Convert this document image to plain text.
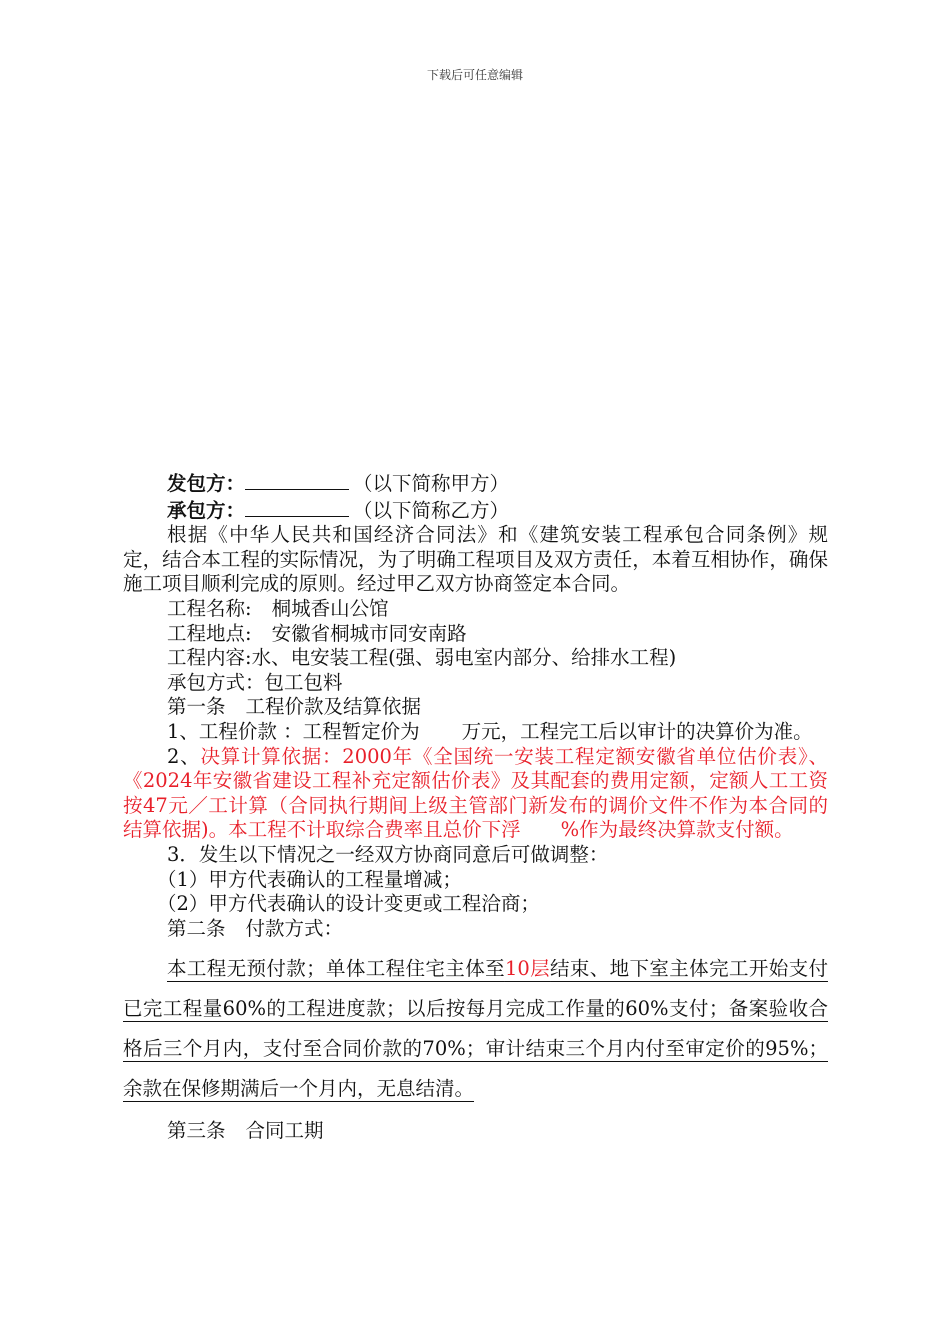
下载后可任意编辑

发包方：	（以下简称甲方）

承包方：	（以下简称乙方）

根据《中华人民共和国经济合同法》和《建筑安装工程承包合同条例》规定，结合本工程的实际情况，为了明确工程项目及双方责任，本着互相协作，确保施工项目顺利完成的原则。经过甲乙双方协商签定本合同。

工程名称: 桐城香山公馆

工程地点: 安徽省桐城市同安南路

工程内容:水、电安装工程(强、弱电室内部分、给排水工程)

承包方式：包工包料

第一条 工程价款及结算依据

1、工程价款 ：工程暂定价为 万元，工程完工后以审计的决算价为准。

2、决算计算依据：2000年《全国统一安装工程定额安徽省单位估价表》、《2024年安徽省建设工程补充定额估价表》及其配套的费用定额，定额人工工资按47元／工计算（合同执行期间上级主管部门新发布的调价文件不作为本合同的结算依据)。本工程不计取综合费率且总价下浮 %作为最终决算款支付额。

3．发生以下情况之一经双方协商同意后可做调整：

（1）甲方代表确认的工程量增减；

（2）甲方代表确认的设计变更或工程洽商；

第二条 付款方式：

本工程无预付款；单体工程住宅主体至10层结束、地下室主体完工开始支付已完工程量60%的工程进度款；以后按每月完成工作量的60%支付；备案验收合格后三个月内，支付至合同价款的70%；审计结束三个月内付至审定价的95%；余款在保修期满后一个月内，无息结清。

第三条 合同工期
